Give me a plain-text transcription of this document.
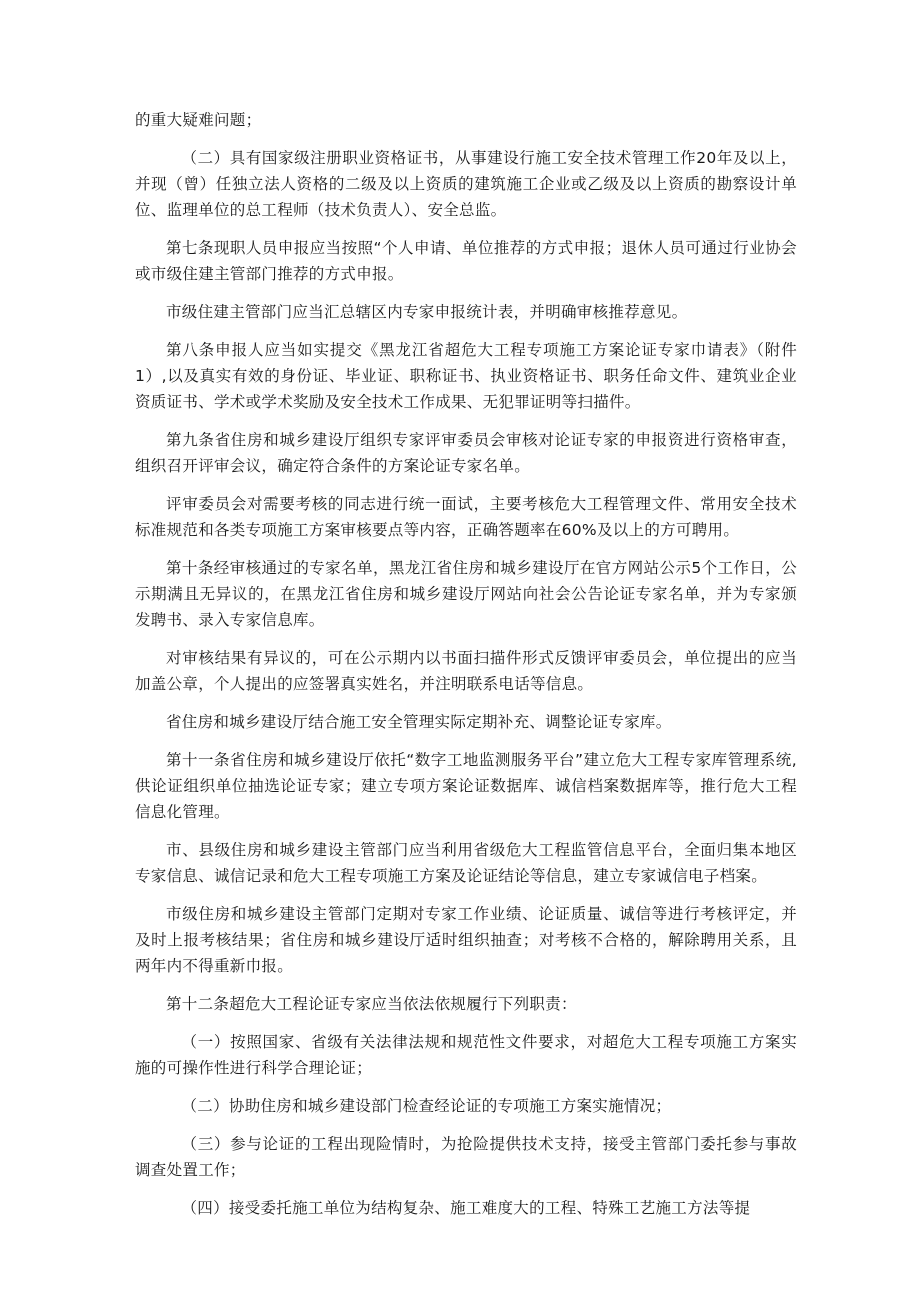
的重大疑难问题；

（二）具有国家级注册职业资格证书，从事建设行施工安全技术管理工作20年及以上，并现（曾）任独立法人资格的二级及以上资质的建筑施工企业或乙级及以上资质的勘察设计单位、监理单位的总工程师（技术负责人）、安全总监。

第七条现职人员申报应当按照“个人申请、单位推荐的方式申报；退休人员可通过行业协会或市级住建主管部门推荐的方式申报。

市级住建主管部门应当汇总辖区内专家申报统计表，并明确审核推荐意见。

第八条申报人应当如实提交《黑龙江省超危大工程专项施工方案论证专家巾请表》（附件1）,以及真实有效的身份证、毕业证、职称证书、执业资格证书、职务任命文件、建筑业企业资质证书、学术或学术奖励及安全技术工作成果、无犯罪证明等扫描件。

第九条省住房和城乡建设厅组织专家评审委员会审核对论证专家的申报资进行资格审查，组织召开评审会议，确定符合条件的方案论证专家名单。

评审委员会对需要考核的同志进行统一面试，主要考核危大工程管理文件、常用安全技术标准规范和各类专项施工方案审核要点等内容，正确答题率在60%及以上的方可聘用。

第十条经审核通过的专家名单，黑龙江省住房和城乡建设厅在官方网站公示5个工作日，公示期满且无异议的，在黑龙江省住房和城乡建设厅网站向社会公告论证专家名单，并为专家颁发聘书、录入专家信息库。

对审核结果有异议的，可在公示期内以书面扫描件形式反馈评审委员会，单位提出的应当加盖公章，个人提出的应签署真实姓名，并注明联系电话等信息。

省住房和城乡建设厅结合施工安全管理实际定期补充、调整论证专家库。

第十一条省住房和城乡建设厅依托“数字工地监测服务平台”建立危大工程专家库管理系统,供论证组织单位抽选论证专家；建立专项方案论证数据库、诚信档案数据库等，推行危大工程信息化管理。

市、县级住房和城乡建设主管部门应当利用省级危大工程监管信息平台，全面归集本地区专家信息、诚信记录和危大工程专项施工方案及论证结论等信息，建立专家诚信电子档案。

市级住房和城乡建设主管部门定期对专家工作业绩、论证质量、诚信等进行考核评定，并及时上报考核结果；省住房和城乡建设厅适时组织抽查；对考核不合格的，解除聘用关系，且两年内不得重新巾报。

第十二条超危大工程论证专家应当依法依规履行下列职责：

（一）按照国家、省级有关法律法规和规范性文件要求，对超危大工程专项施工方案实施的可操作性进行科学合理论证；

（二）协助住房和城乡建设部门检查经论证的专项施工方案实施情况；

（三）参与论证的工程出现险情时，为抢险提供技术支持，接受主管部门委托参与事故调查处置工作；

（四）接受委托施工单位为结构复杂、施工难度大的工程、特殊工艺施工方法等提
